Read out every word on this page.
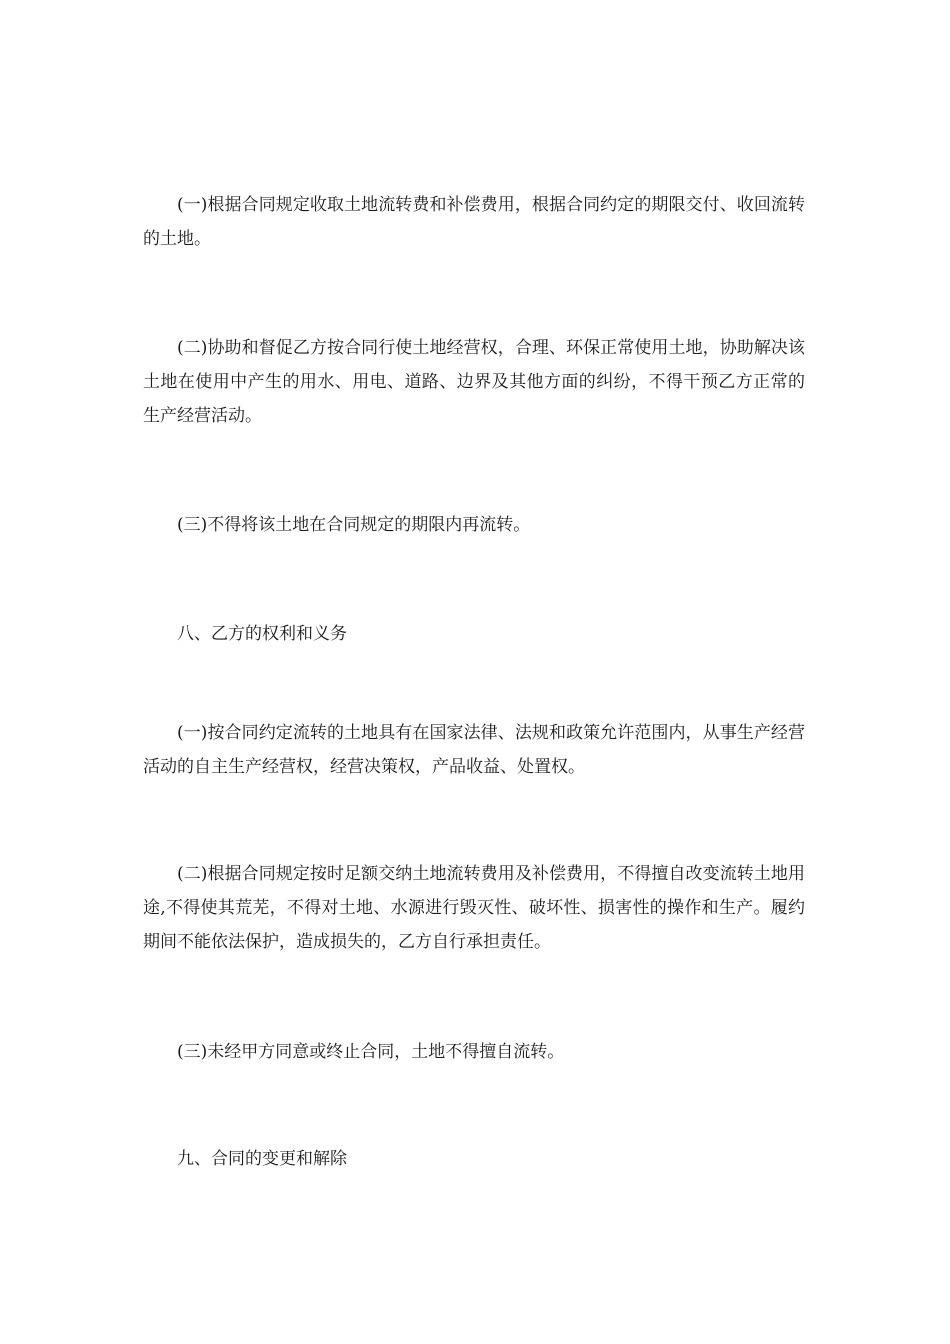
(一)根据合同规定收取土地流转费和补偿费用，根据合同约定的期限交付、收回流转的土地。

(二)协助和督促乙方按合同行使土地经营权，合理、环保正常使用土地，协助解决该土地在使用中产生的用水、用电、道路、边界及其他方面的纠纷，不得干预乙方正常的生产经营活动。

(三)不得将该土地在合同规定的期限内再流转。

八、乙方的权利和义务

(一)按合同约定流转的土地具有在国家法律、法规和政策允许范围内，从事生产经营活动的自主生产经营权，经营决策权，产品收益、处置权。

(二)根据合同规定按时足额交纳土地流转费用及补偿费用，不得擅自改变流转土地用途,不得使其荒芜，不得对土地、水源进行毁灭性、破坏性、损害性的操作和生产。履约期间不能依法保护，造成损失的，乙方自行承担责任。

(三)未经甲方同意或终止合同，土地不得擅自流转。

九、合同的变更和解除
